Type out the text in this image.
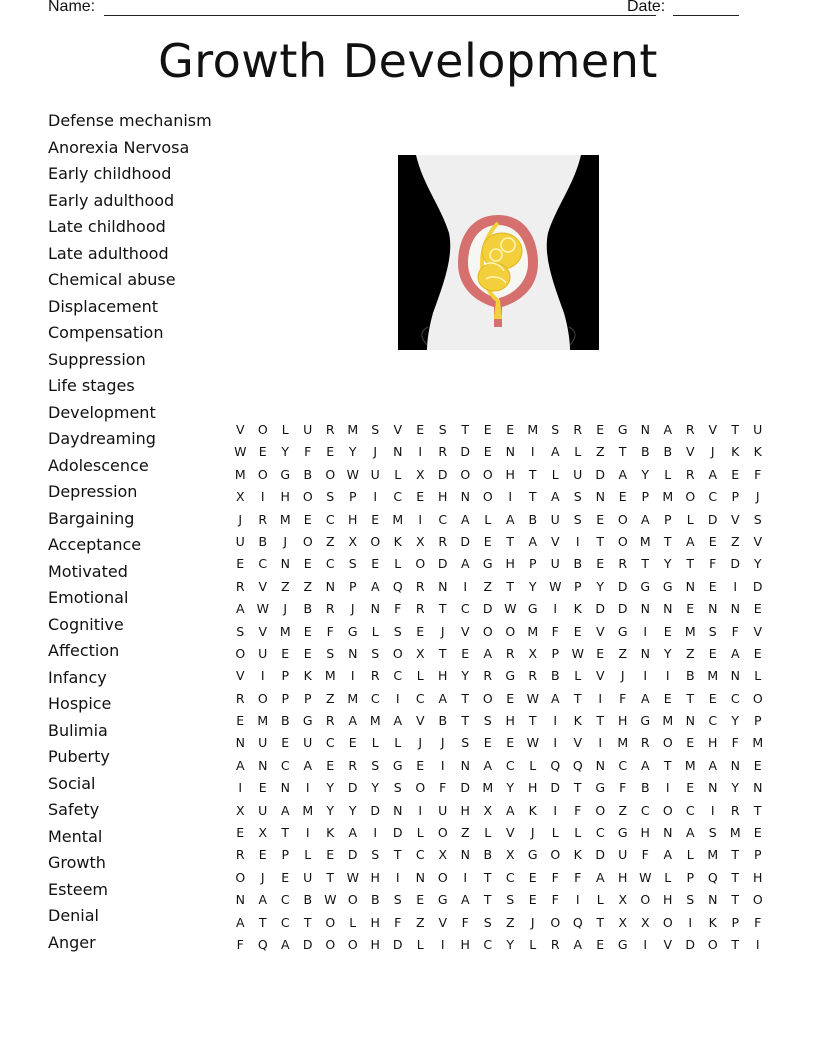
Name:	Date:
Growth Development
Defense mechanism
Anorexia Nervosa
Early childhood
Early adulthood
Late childhood
Late adulthood
Chemical abuse
Displacement
Compensation
Suppression
Life stages
Development
Daydreaming
Adolescence
Depression
Bargaining
Acceptance
Motivated
Emotional
Cognitive
Affection
Infancy
Hospice
Bulimia
Puberty
Social
Safety
Mental
Growth
Esteem
Denial
Anger
V	O	L	U	R	M	S	V	E	S	T	E	E	M	S	R	E	G	N	A	R	V	T	U
W E	Y	F	E	Y	J	N	I	R	D	E	N	I	A	L	Z	T	B	B	V	J	K	K
M O	G	B	O W U	L	X	D	O	O	H	T	L	U	D	A	Y	L	R	A	E	F
X	I	H	O	S	P	I	C	E	H	N	O	I	T	A	S	N	E	P	M O	C	P	J
J	R	M	E	C	H	E	M	I	C	A	L	A	B	U	S	E	O	A	P	L	D	V	S
U	B	J	O	Z	X	O	K	X	R	D	E	T	A	V	I	T	O M	T	A	E	Z	V
E	C	N	E	C	S	E	L	O	D	A	G	H	P	U	B	E	R	T	Y	T	F	D	Y
R	V	Z	Z	N	P	A	Q	R	N	I	Z	T	Y	W	P	Y	D	G	G	N	E	I	D
A W	J	B	R	J	N	F	R	T	C	D W G	I	K	D	D	N	N	E	N	N	E
S	V	M	E	F	G	L	S	E	J	V	O	O M	F	E	V	G	I	E	M	S	F	V
O	U	E	E	S	N	S	O	X	T	E	A	R	X	P	W E	Z	N	Y	Z	E	A	E
V	I	P	K	M	I	R	C	L	H	Y	R	G	R	B	L	V	J	I	I	B	M N	L
R	O	P	P	Z	M	C	I	C	A	T	O	E W A	T	I	F	A	E	T	E	C	O
E	M	B	G	R	A	M	A	V	B	T	S	H	T	I	K	T	H	G M N	C	Y	P
N	U	E	U	C	E	L	L	J	J	S	E	E W	I	V	I	M	R	O	E	H	F	M
A	N	C	A	E	R	S	G	E	I	N	A	C	L	Q	Q	N	C	A	T	M	A	N	E
I	E	N	I	Y	D	Y	S	O	F	D M	Y	H	D	T	G	F	B	I	E	N	Y	N
X	U	A	M	Y	Y	D	N	I	U	H	X	A	K	I	F	O	Z	C	O	C	I	R	T
E	X	T	I	K	A	I	D	L	O	Z	L	V	J	L	L	C	G	H	N	A	S	M	E
R	E	P	L	E	D	S	T	C	X	N	B	X	G	O	K	D	U	F	A	L	M	T	P
O	J	E	U	T	W H	I	N	O	I	T	C	E	F	F	A	H W	L	P	Q	T	H
N	A	C	B W O	B	S	E	G	A	T	S	E	F	I	L	X	O	H	S	N	T	O
A	T	C	T	O	L	H	F	Z	V	F	S	Z	J	O	Q	T	X	X	O	I	K	P	F
F	Q	A	D	O	O	H	D	L	I	H	C	Y	L	R	A	E	G	I	V	D	O	T	I
